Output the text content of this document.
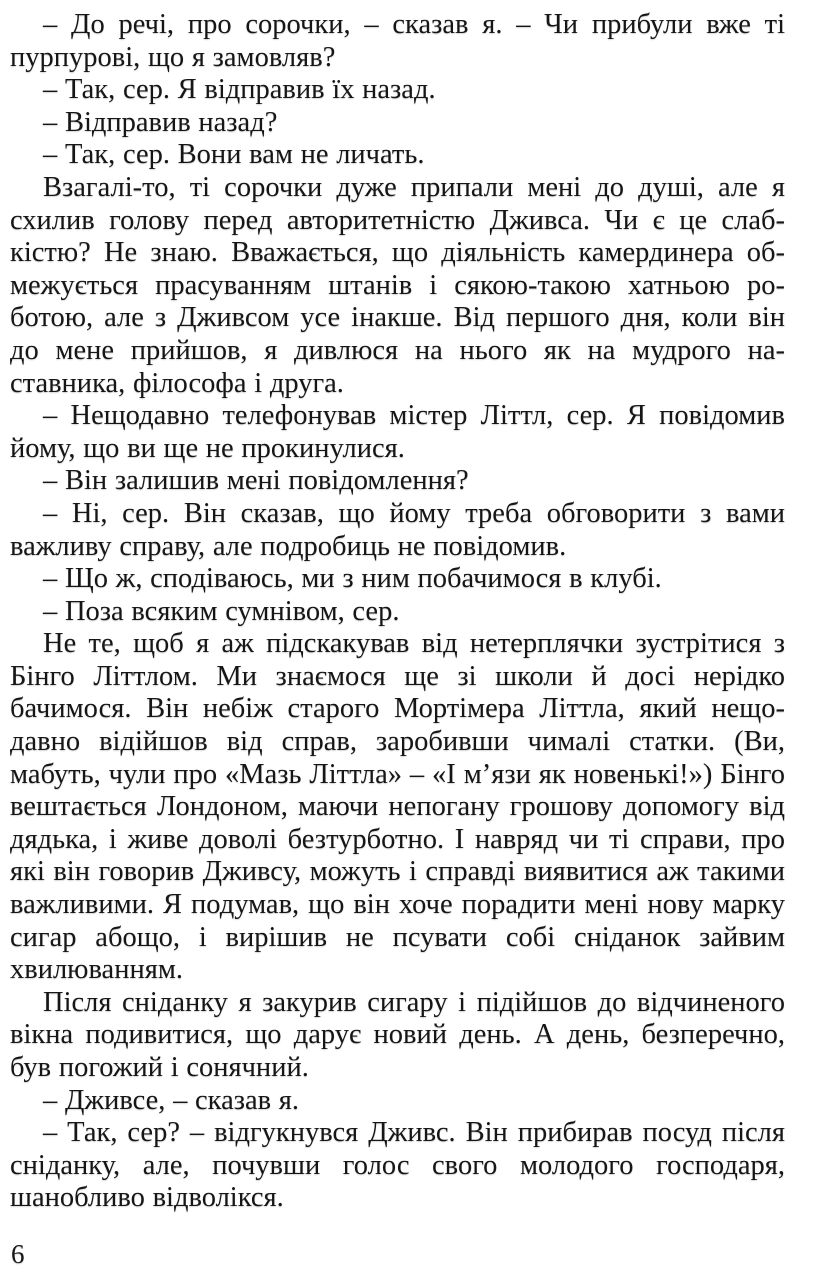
– До речі, про сорочки, – сказав я. – Чи прибули вже ті пурпурові, що я замовляв?

– Так, сер. Я відправив їх назад.

– Відправив назад?

– Так, сер. Вони вам не личать.

Взагалі-то, ті сорочки дуже припали мені до душі, але я схилив голову перед авторитетністю Дживса. Чи є це слабкістю? Не знаю. Вважається, що діяльність камердинера обмежується прасуванням штанів і сякою-такою хатньою роботою, але з Дживсом усе інакше. Від першого дня, коли він до мене прийшов, я дивлюся на нього як на мудрого наставника, філософа і друга.

– Нещодавно телефонував містер Літтл, сер. Я повідомив йому, що ви ще не прокинулися.

– Він залишив мені повідомлення?

– Ні, сер. Він сказав, що йому треба обговорити з вами важливу справу, але подробиць не повідомив.

– Що ж, сподіваюсь, ми з ним побачимося в клубі.

– Поза всяким сумнівом, сер.

Не те, щоб я аж підскакував від нетерплячки зустрітися з Бінго Літтлом. Ми знаємося ще зі школи й досі нерідко бачимося. Він небіж старого Мортімера Літтла, який нещодавно відійшов від справ, заробивши чималі статки. (Ви, мабуть, чули про «Мазь Літтла» – «І м’язи як новенькі!») Бінго вештається Лондоном, маючи непогану грошову допомогу від дядька, і живе доволі безтурботно. І навряд чи ті справи, про які він говорив Дживсу, можуть і справді виявитися аж такими важливими. Я подумав, що він хоче порадити мені нову марку сигар абощо, і вирішив не псувати собі сніданок зайвим хвилюванням.

Після сніданку я закурив сигару і підійшов до відчиненого вікна подивитися, що дарує новий день. А день, безперечно, був погожий і сонячний.

– Дживсе, – сказав я.

– Так, сер? – відгукнувся Дживс. Він прибирав посуд після сніданку, але, почувши голос свого молодого господаря, шанобливо відволікся.

6
